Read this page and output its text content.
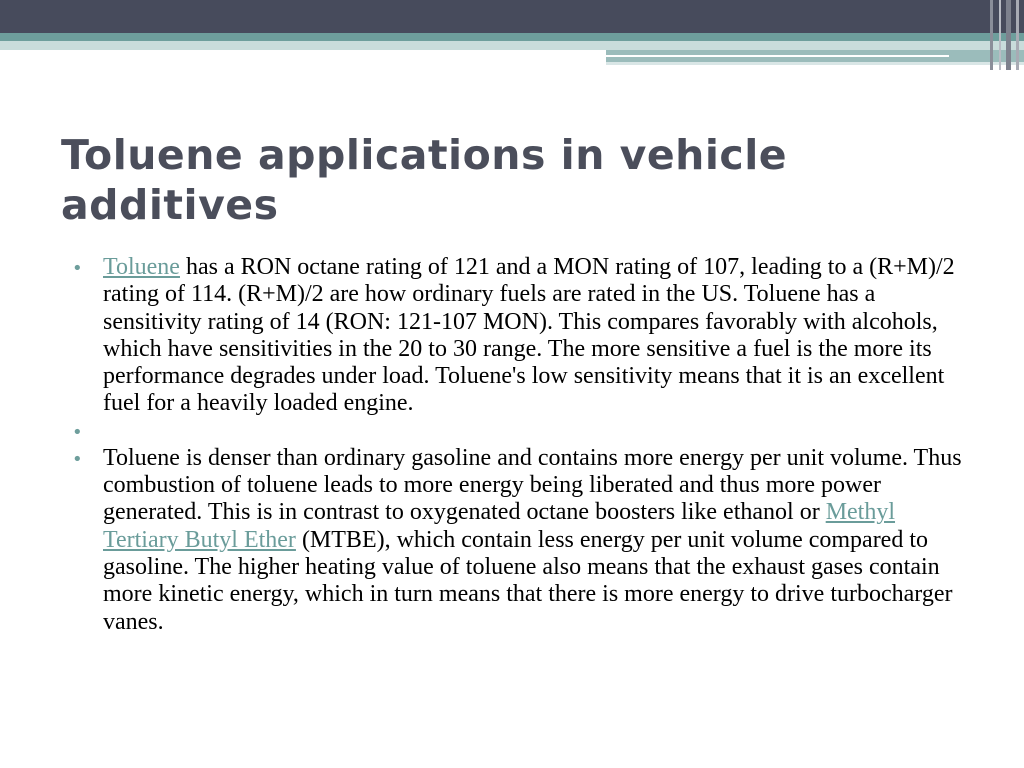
Toluene applications in vehicle additives
• Toluene has a RON octane rating of 121 and a MON rating of 107, leading to a (R+M)/2 rating of 114. (R+M)/2 are how ordinary fuels are rated in the US. Toluene has a sensitivity rating of 14 (RON: 121-107 MON). This compares favorably with alcohols, which have sensitivities in the 20 to 30 range. The more sensitive a fuel is the more its performance degrades under load. Toluene's low sensitivity means that it is an excellent fuel for a heavily loaded engine.
•
• Toluene is denser than ordinary gasoline and contains more energy per unit volume. Thus combustion of toluene leads to more energy being liberated and thus more power generated. This is in contrast to oxygenated octane boosters like ethanol or Methyl Tertiary Butyl Ether (MTBE), which contain less energy per unit volume compared to gasoline. The higher heating value of toluene also means that the exhaust gases contain more kinetic energy, which in turn means that there is more energy to drive turbocharger vanes.
